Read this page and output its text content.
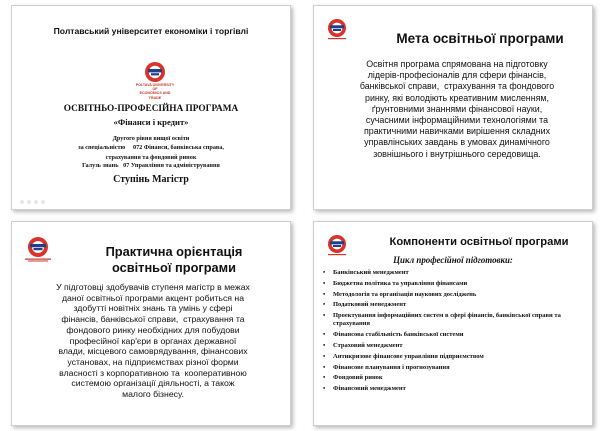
Полтавський університет економіки і торгівлі
POLTAVA UNIVERSITY OF
ECONOMICS AND TRADE
ОСВІТНЬО-ПРОФЕСІЙНА ПРОГРАМА
«Фінанси і кредит»
Другого рівня вищої освіти
за спеціальністю     072 Фінанси, банківська справа,
страхування та фондовий ринок
Галузь знань   07 Управління та адміністрування
Ступінь Магістр
Мета освітньої програми
Освітня програма спрямована на підготовку
лідерів-професіоналів для сфери фінансів,
банківської справи,  страхування та фондового
ринку, які володіють креативним мисленням,
ґрунтовними знаннями фінансової науки,
сучасними інформаційними технологіями та
практичними навичками вирішення складних
управлінських завдань в умовах динамічного
зовнішнього і внутрішнього середовища.
Практична орієнтація
освітньої програми
У підготовці здобувачів ступеня магістр в межах
даної освітньої програми акцент робиться на
здобутті новітніх знань та умінь у сфері
фінансів, банківської справи,  страхування та
фондового ринку необхідних для побудови
професійної кар'єри в органах державної
влади, місцевого самоврядування, фінансових
установах, на підприємствах різної форми
власності з корпоративною та  кооперативною
системою організації діяльності, а також
малого бізнесу.
Компоненти освітньої програми
Цикл професійної підготовки:
• Банківський менеджмент
• Бюджетна політика та управління фінансами
• Методологія та організація наукових досліджень
• Податковий менеджмент
• Проектування інформаційних систем в сфері фінансів, банківської справи та страхування
• Фінансова стабільність банківської системи
• Страховий менеджмент
• Антикризове фінансове управління підприємством
• Фінансове планування і прогнозування
• Фондовий ринок
• Фінансовий менеджмент
